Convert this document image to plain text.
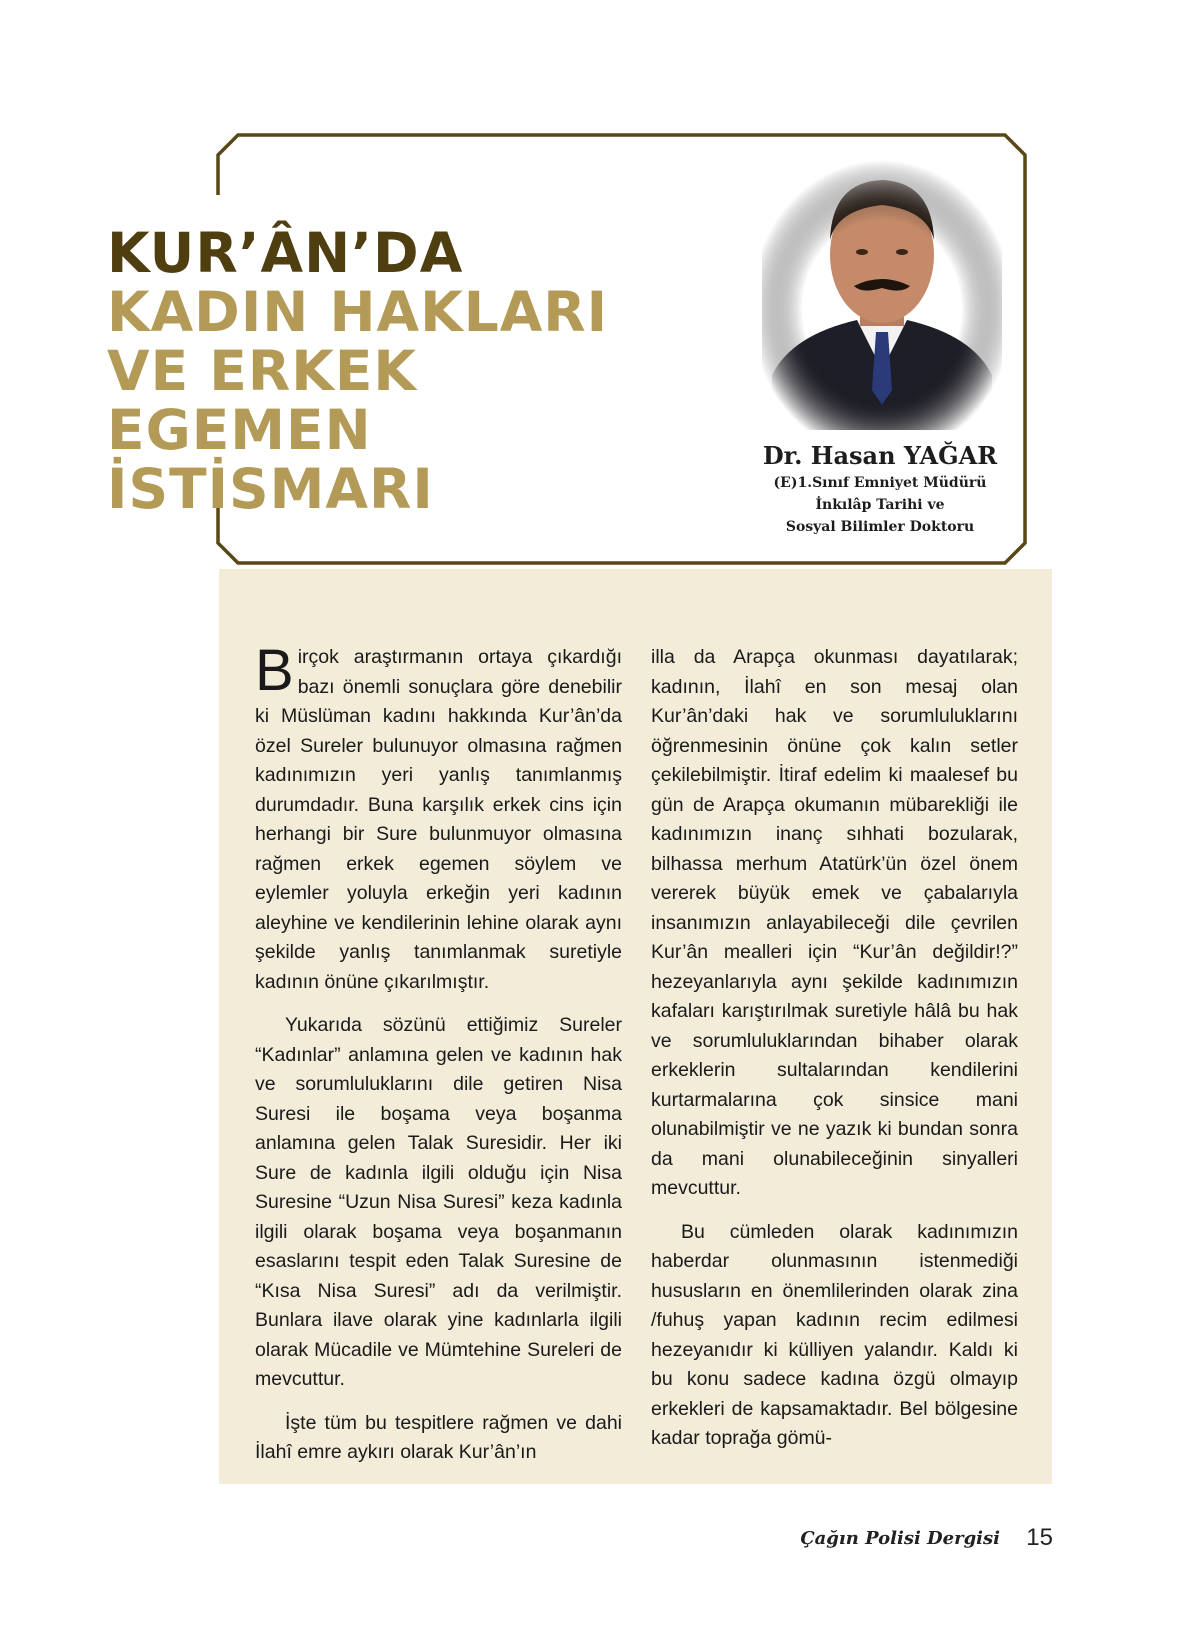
KUR’ÂN’DA
KADIN HAKLARI
VE ERKEK
EGEMEN
İSTİSMARI
Dr. Hasan YAĞAR
(E)1.Sınıf Emniyet Müdürü
İnkılâp Tarihi ve
Sosyal Bilimler Doktoru

Birçok araştırmanın ortaya çıkardığı bazı önemli sonuçlara göre denebilir ki Müslüman kadını hakkında Kur’ân’da özel Sureler bulunuyor olmasına rağmen kadınımızın yeri yanlış tanımlanmış durumdadır. Buna karşılık erkek cins için herhangi bir Sure bulunmuyor olmasına rağmen erkek egemen söylem ve eylemler yoluyla erkeğin yeri kadının aleyhine ve kendilerinin lehine olarak aynı şekilde yanlış tanımlanmak suretiyle kadının önüne çıkarılmıştır.

Yukarıda sözünü ettiğimiz Sureler “Kadınlar” anlamına gelen ve kadının hak ve sorumluluklarını dile getiren Nisa Suresi ile boşama veya boşanma anlamına gelen Talak Suresidir. Her iki Sure de kadınla ilgili olduğu için Nisa Suresine “Uzun Nisa Suresi” keza kadınla ilgili olarak boşama veya boşanmanın esaslarını tespit eden Talak Suresine de “Kısa Nisa Suresi” adı da verilmiştir. Bunlara ilave olarak yine kadınlarla ilgili olarak Mücadile ve Mümtehine Sureleri de mevcuttur.

İşte tüm bu tespitlere rağmen ve dahi İlahî emre aykırı olarak Kur’ân’ın

illa da Arapça okunması dayatılarak; kadının, İlahî en son mesaj olan Kur’ân’daki hak ve sorumluluklarını öğrenmesinin önüne çok kalın setler çekilebilmiştir. İtiraf edelim ki maalesef bu gün de Arapça okumanın mübarekliği ile kadınımızın inanç sıhhati bozularak, bilhassa merhum Atatürk’ün özel önem vererek büyük emek ve çabalarıyla insanımızın anlayabileceği dile çevrilen Kur’ân mealleri için “Kur’ân değildir!?” hezeyanlarıyla aynı şekilde kadınımızın kafaları karıştırılmak suretiyle hâlâ bu hak ve sorumluluklarından bihaber olarak erkeklerin sultalarından kendilerini kurtarmalarına çok sinsice mani olunabilmiştir ve ne yazık ki bundan sonra da mani olunabileceğinin sinyalleri mevcuttur.

Bu cümleden olarak kadınımızın haberdar olunmasının istenmediği hususların en önemlilerinden olarak zina /fuhuş yapan kadının recim edilmesi hezeyanıdır ki külliyen yalandır. Kaldı ki bu konu sadece kadına özgü olmayıp erkekleri de kapsamaktadır. Bel bölgesine kadar toprağa gömü-

Çağın Polisi Dergisi 15
